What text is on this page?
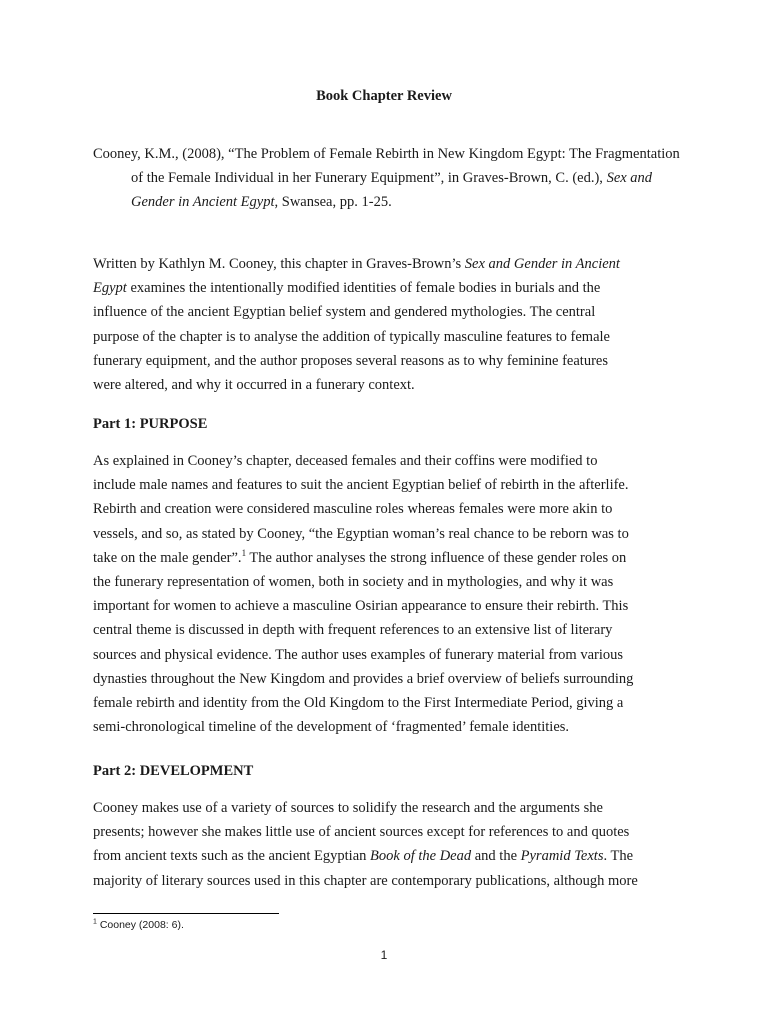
Book Chapter Review
Cooney, K.M., (2008), “The Problem of Female Rebirth in New Kingdom Egypt: The Fragmentation
of the Female Individual in her Funerary Equipment”, in Graves-Brown, C. (ed.), Sex and
Gender in Ancient Egypt, Swansea, pp. 1-25.
Written by Kathlyn M. Cooney, this chapter in Graves-Brown’s Sex and Gender in Ancient
Egypt examines the intentionally modified identities of female bodies in burials and the
influence of the ancient Egyptian belief system and gendered mythologies. The central
purpose of the chapter is to analyse the addition of typically masculine features to female
funerary equipment, and the author proposes several reasons as to why feminine features
were altered, and why it occurred in a funerary context.
Part 1: PURPOSE
As explained in Cooney’s chapter, deceased females and their coffins were modified to
include male names and features to suit the ancient Egyptian belief of rebirth in the afterlife.
Rebirth and creation were considered masculine roles whereas females were more akin to
vessels, and so, as stated by Cooney, “the Egyptian woman’s real chance to be reborn was to
take on the male gender”.$^1$ The author analyses the strong influence of these gender roles on
the funerary representation of women, both in society and in mythologies, and why it was
important for women to achieve a masculine Osirian appearance to ensure their rebirth. This
central theme is discussed in depth with frequent references to an extensive list of literary
sources and physical evidence. The author uses examples of funerary material from various
dynasties throughout the New Kingdom and provides a brief overview of beliefs surrounding
female rebirth and identity from the Old Kingdom to the First Intermediate Period, giving a
semi-chronological timeline of the development of ‘fragmented’ female identities.
Part 2: DEVELOPMENT
Cooney makes use of a variety of sources to solidify the research and the arguments she
presents; however she makes little use of ancient sources except for references to and quotes
from ancient texts such as the ancient Egyptian Book of the Dead and the Pyramid Texts. The
majority of literary sources used in this chapter are contemporary publications, although more
$^1$ Cooney (2008: 6).
1
